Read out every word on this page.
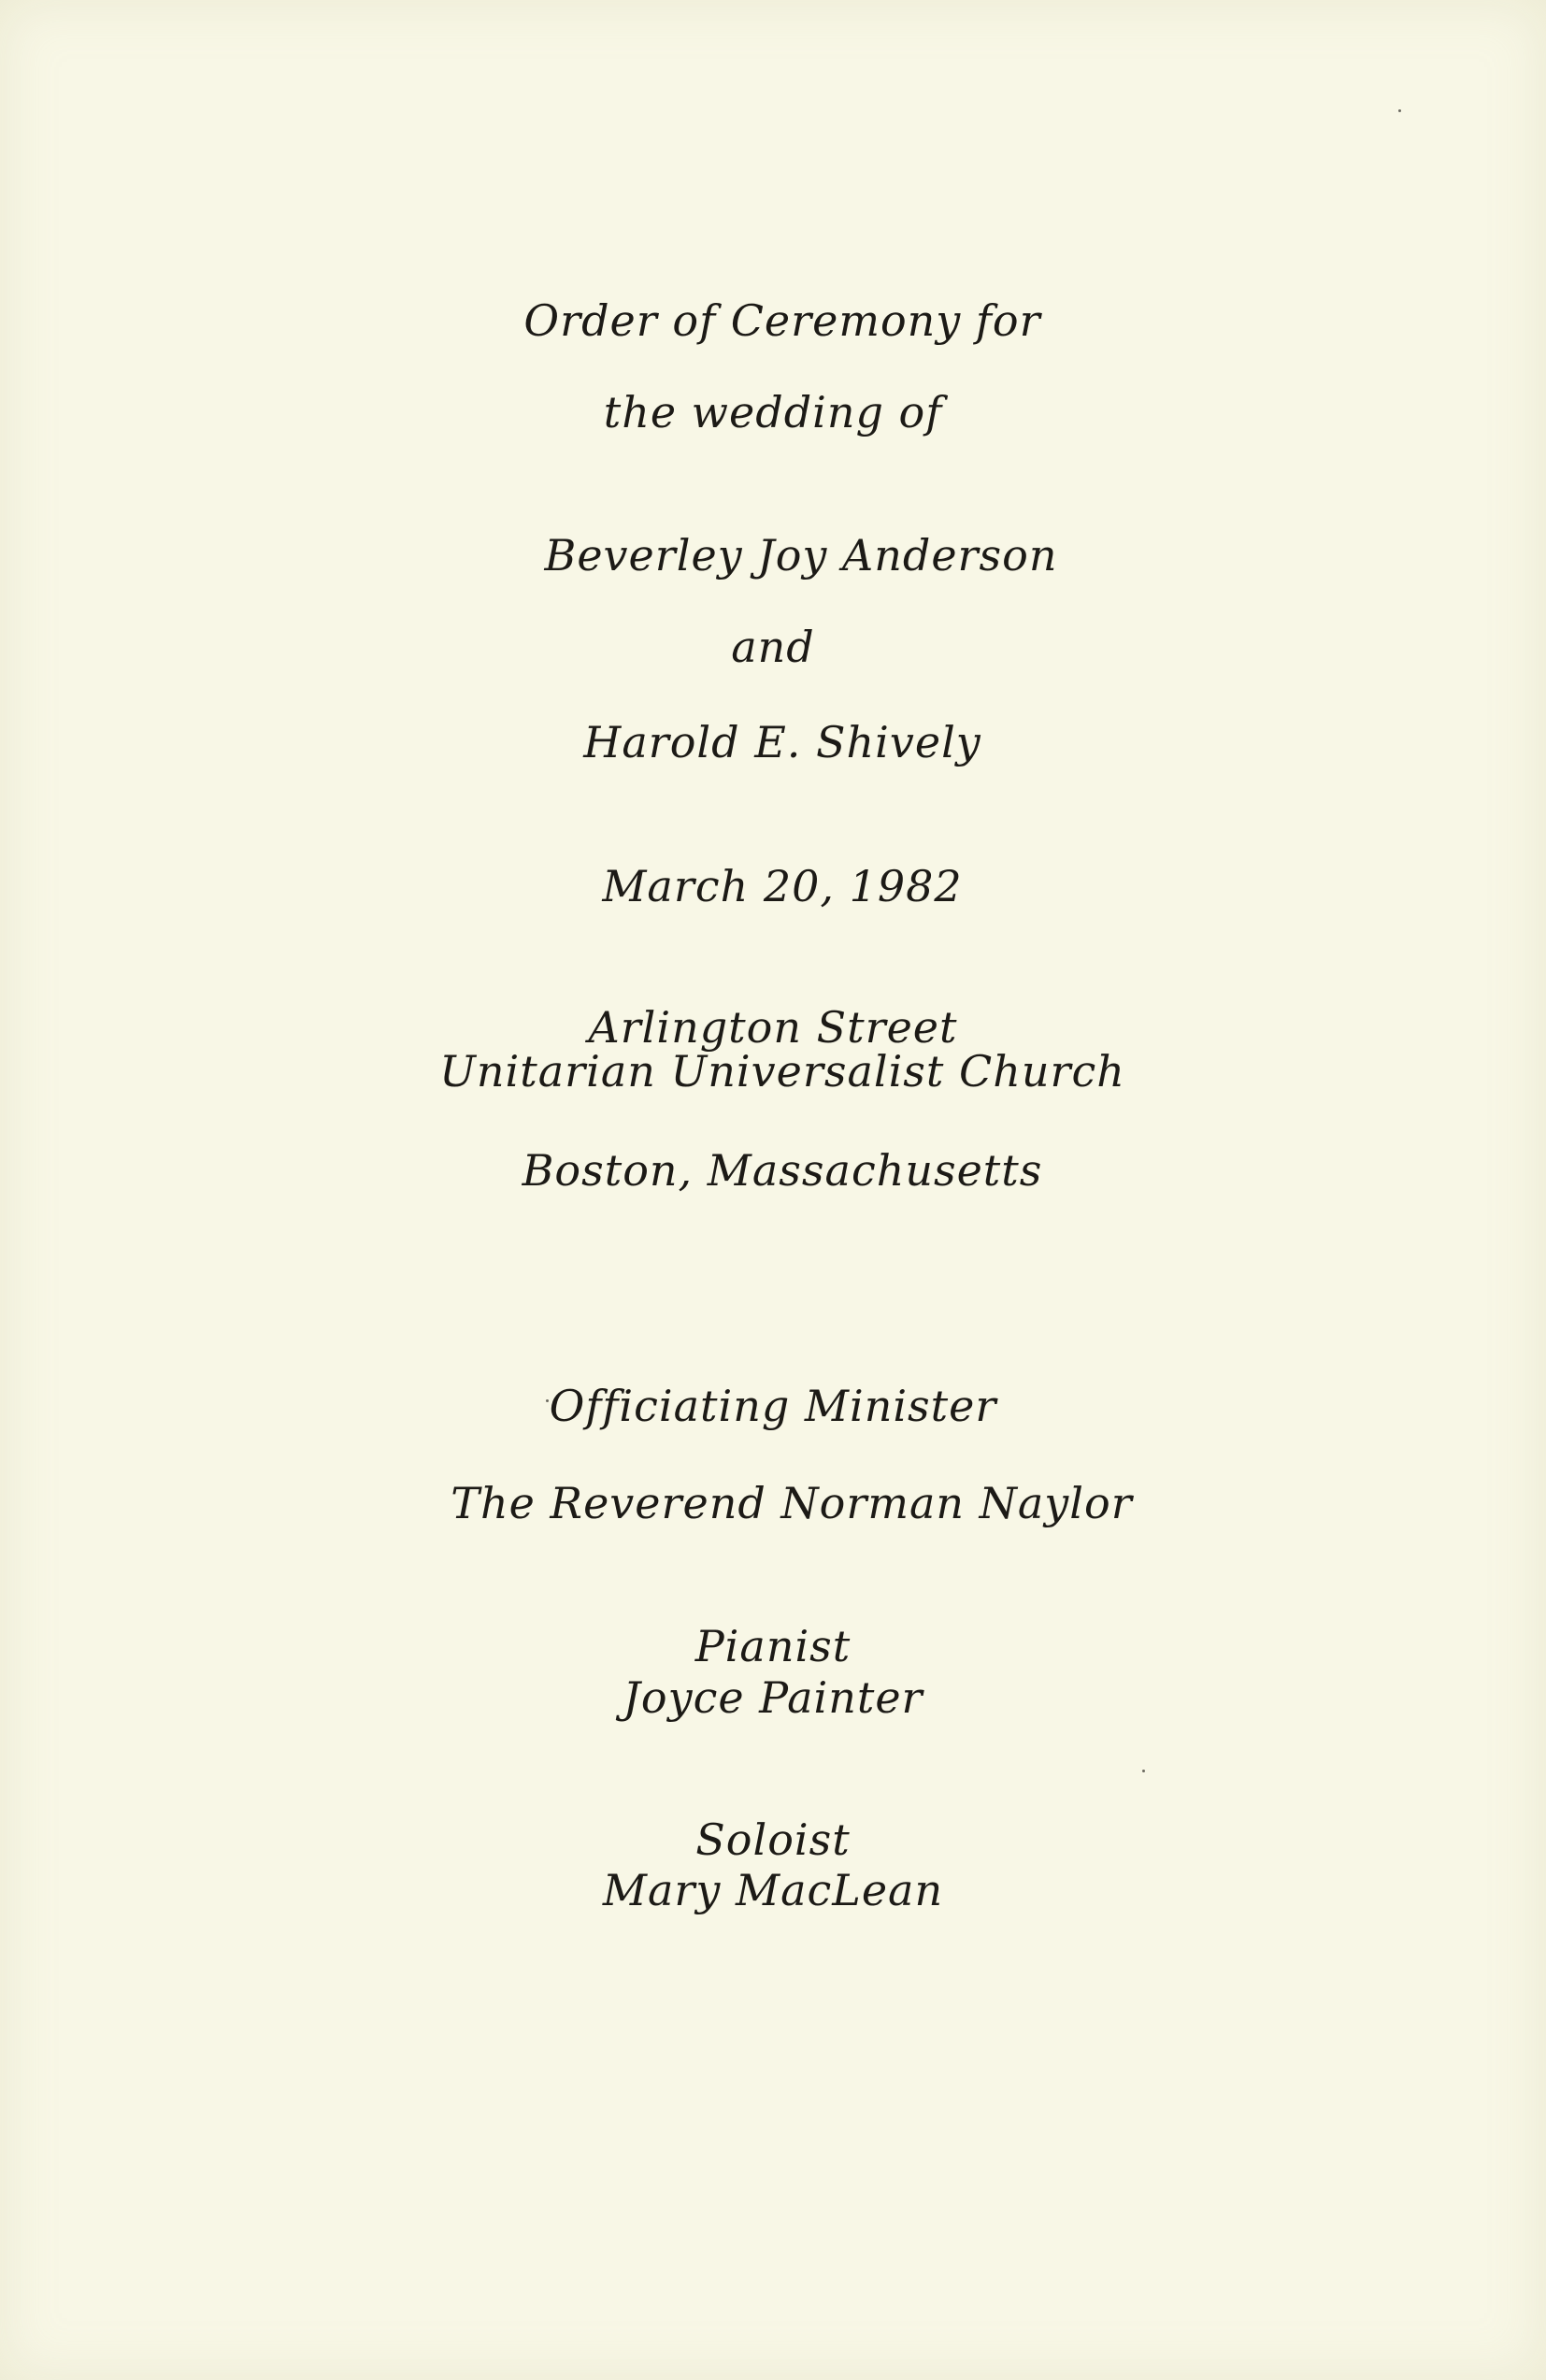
Order of Ceremony for
the wedding of
Beverley Joy Anderson
and
Harold E. Shively
March 20, 1982
Arlington Street
Unitarian Universalist Church
Boston, Massachusetts
Officiating Minister
The Reverend Norman Naylor
Pianist
Joyce Painter
Soloist
Mary MacLean
